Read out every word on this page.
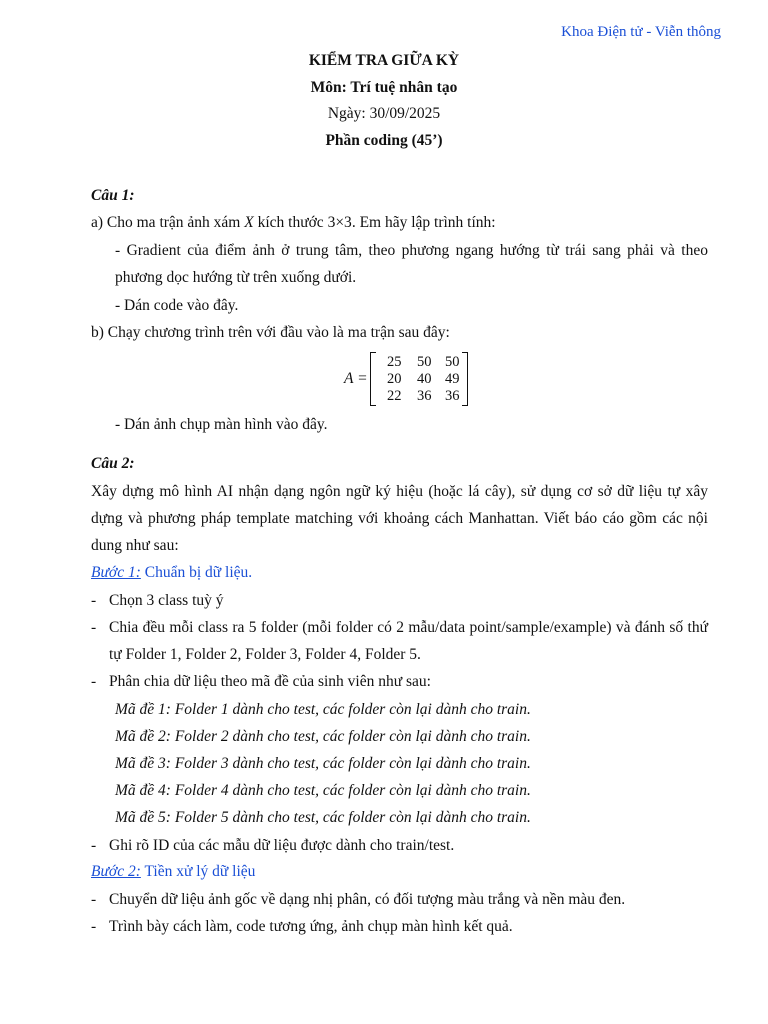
Khoa Điện tử - Viễn thông
KIỂM TRA GIỮA KỲ
Môn: Trí tuệ nhân tạo
Ngày: 30/09/2025
Phần coding (45’)
Câu 1:
a) Cho ma trận ảnh xám X kích thước 3×3. Em hãy lập trình tính:
- Gradient của điểm ảnh ở trung tâm, theo phương ngang hướng từ trái sang phải và theo phương dọc hướng từ trên xuống dưới.
- Dán code vào đây.
b) Chạy chương trình trên với đầu vào là ma trận sau đây:
A =
25	50 50
20	40 49
22	36 36
- Dán ảnh chụp màn hình vào đây.
Câu 2:
Xây dựng mô hình AI nhận dạng ngôn ngữ ký hiệu (hoặc lá cây), sử dụng cơ sở dữ liệu tự xây dựng và phương pháp template matching với khoảng cách Manhattan. Viết báo cáo gồm các nội dung như sau:
Bước 1: Chuẩn bị dữ liệu.
- Chọn 3 class tuỳ ý
- Chia đều mỗi class ra 5 folder (mỗi folder có 2 mẫu/data point/sample/example) và đánh số thứ tự Folder 1, Folder 2, Folder 3, Folder 4, Folder 5.
- Phân chia dữ liệu theo mã đề của sinh viên như sau:
Mã đề 1: Folder 1 dành cho test, các folder còn lại dành cho train.
Mã đề 2: Folder 2 dành cho test, các folder còn lại dành cho train.
Mã đề 3: Folder 3 dành cho test, các folder còn lại dành cho train.
Mã đề 4: Folder 4 dành cho test, các folder còn lại dành cho train.
Mã đề 5: Folder 5 dành cho test, các folder còn lại dành cho train.
- Ghi rõ ID của các mẫu dữ liệu được dành cho train/test.
Bước 2: Tiền xử lý dữ liệu
- Chuyển dữ liệu ảnh gốc về dạng nhị phân, có đối tượng màu trắng và nền màu đen.
- Trình bày cách làm, code tương ứng, ảnh chụp màn hình kết quả.
